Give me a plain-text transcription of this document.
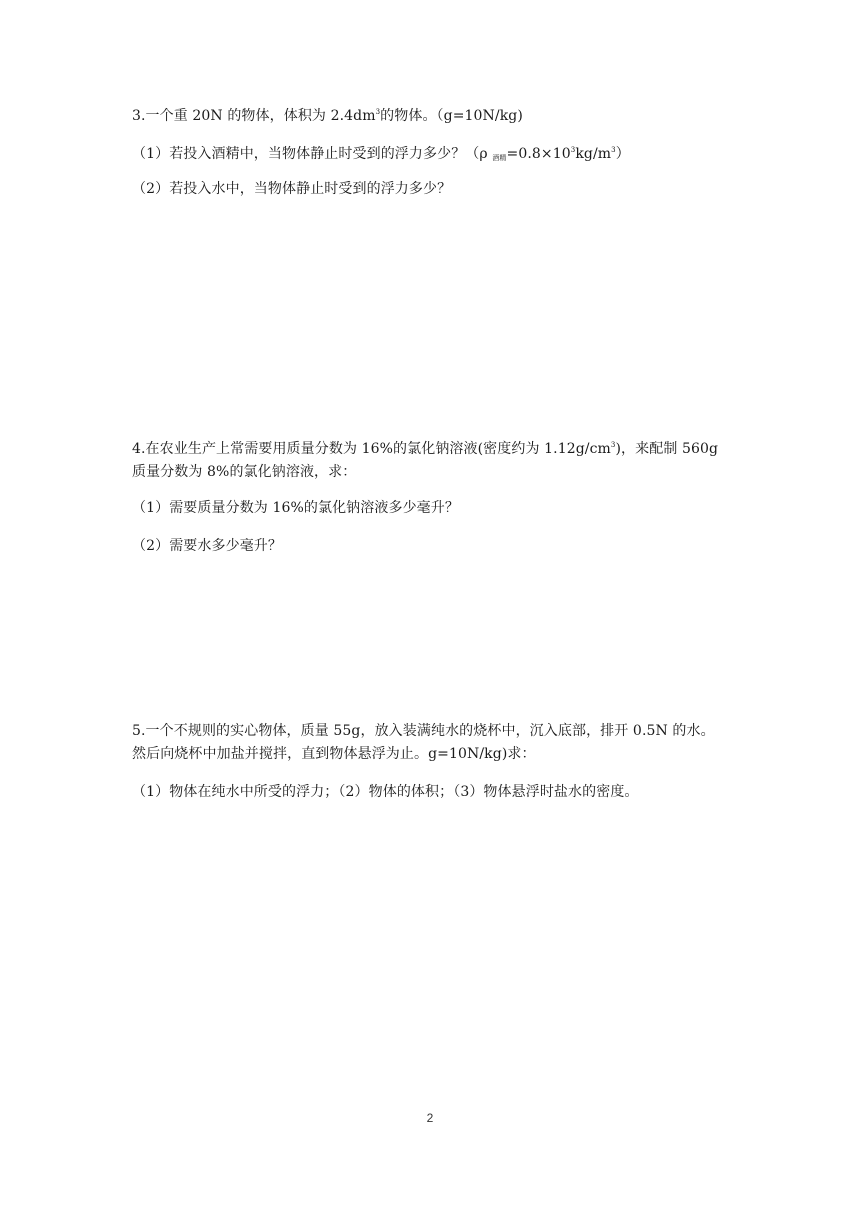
3.一个重 20N 的物体，体积为 $2.4dm^3$的物体。（g=10N/kg)
（1）若投入酒精中，当物体静止时受到的浮力多少？（ρ $_{酒精}=0.8\times 10^3kg/m^3$）
（2）若投入水中，当物体静止时受到的浮力多少？
4.在农业生产上常需要用质量分数为 16%的氯化钠溶液(密度约为 $1.12g/cm^3$)，来配制 560g
质量分数为 8%的氯化钠溶液，求：
（1）需要质量分数为 16%的氯化钠溶液多少毫升？
（2）需要水多少毫升？
5.一个不规则的实心物体，质量 55g，放入装满纯水的烧杯中，沉入底部，排开 0.5N 的水。
然后向烧杯中加盐并搅拌，直到物体悬浮为止。g=10N/kg)求：
（1）物体在纯水中所受的浮力；（2）物体的体积；（3）物体悬浮时盐水的密度。
2
